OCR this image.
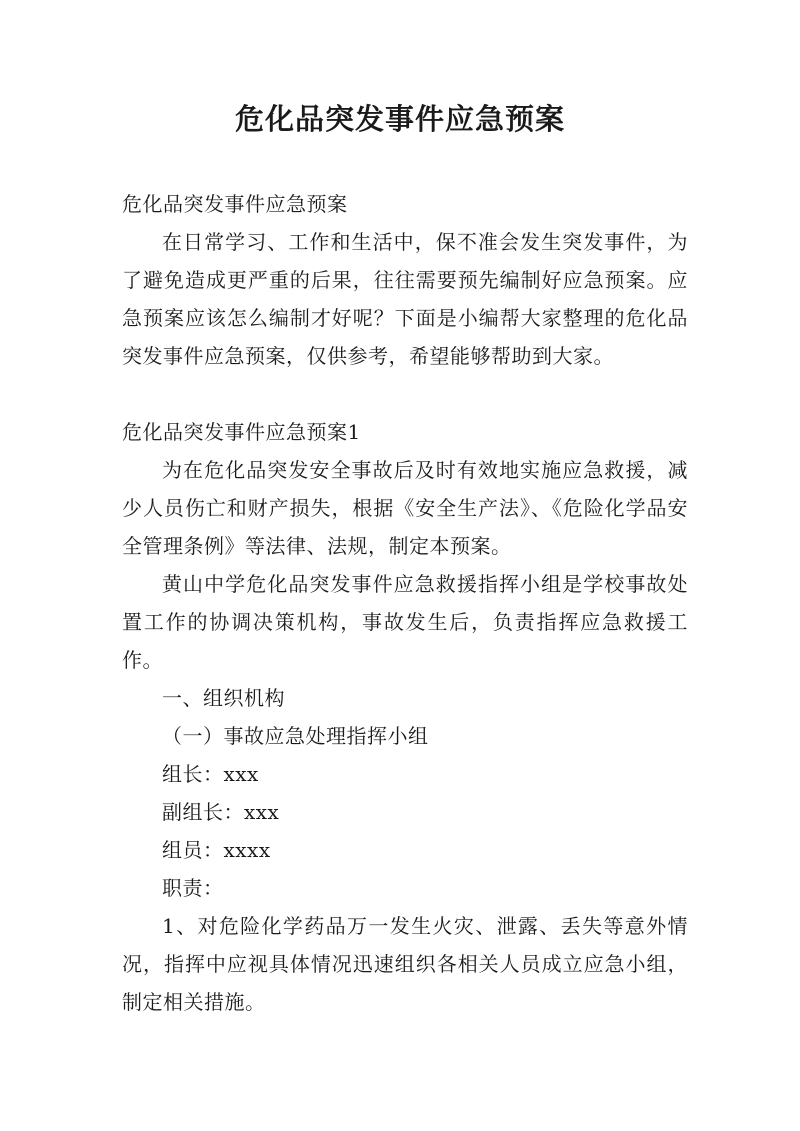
危化品突发事件应急预案

危化品突发事件应急预案

在日常学习、工作和生活中，保不准会发生突发事件，为了避免造成更严重的后果，往往需要预先编制好应急预案。应急预案应该怎么编制才好呢？下面是小编帮大家整理的危化品突发事件应急预案，仅供参考，希望能够帮助到大家。

危化品突发事件应急预案1

为在危化品突发安全事故后及时有效地实施应急救援，减少人员伤亡和财产损失，根据《安全生产法》、《危险化学品安全管理条例》等法律、法规，制定本预案。

黄山中学危化品突发事件应急救援指挥小组是学校事故处置工作的协调决策机构，事故发生后，负责指挥应急救援工作。

一、组织机构

（一）事故应急处理指挥小组

组长：xxx

副组长：xxx

组员：xxxx

职责：

1、对危险化学药品万一发生火灾、泄露、丢失等意外情况，指挥中应视具体情况迅速组织各相关人员成立应急小组，制定相关措施。
